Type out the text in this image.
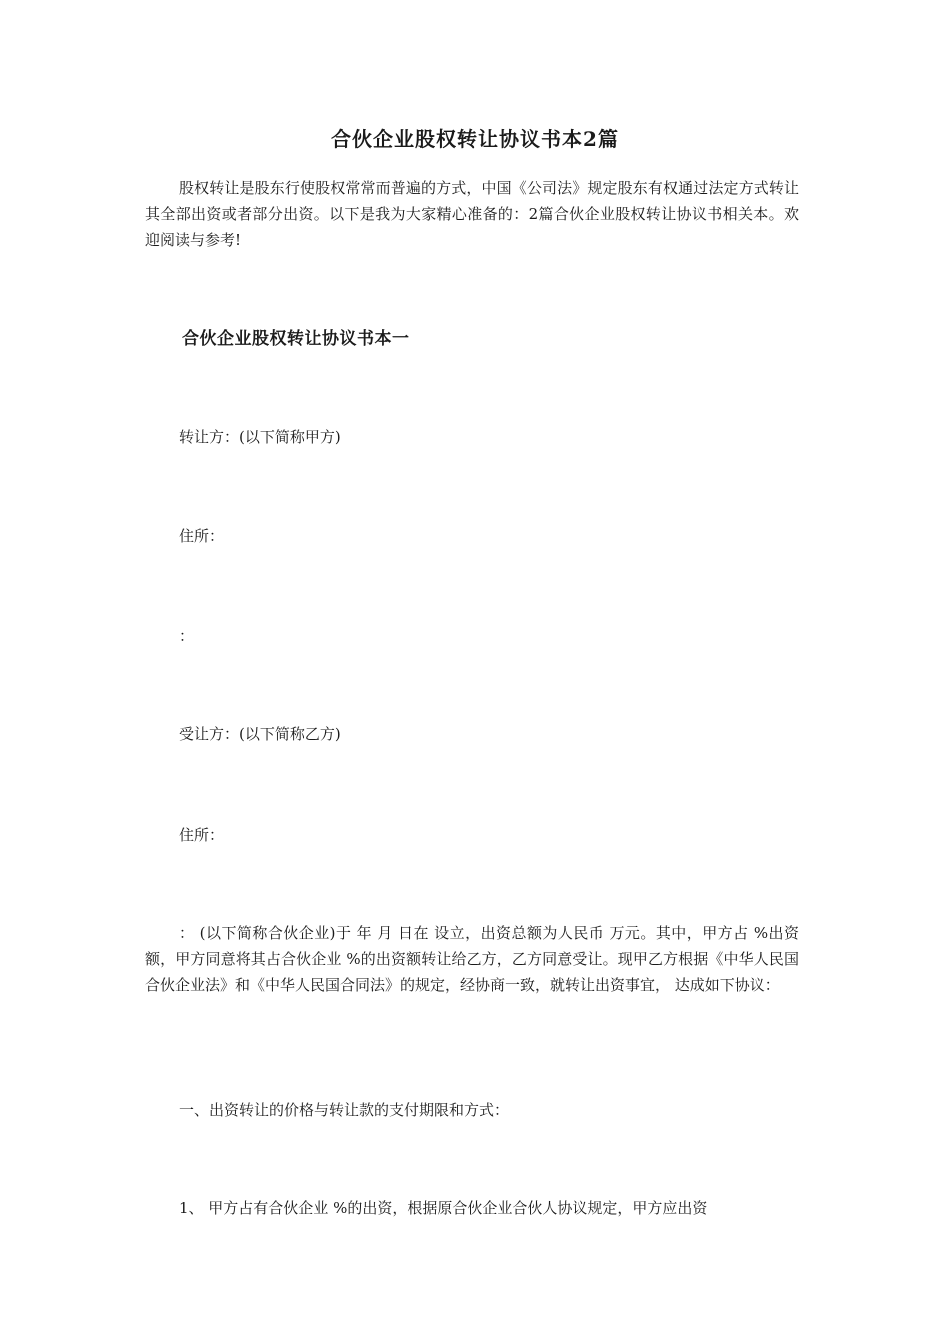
合伙企业股权转让协议书本2篇
股权转让是股东行使股权常常而普遍的方式，中国《公司法》规定股东有权通过法定方式转让其全部出资或者部分出资。以下是我为大家精心准备的：2篇合伙企业股权转让协议书相关本。欢迎阅读与参考!
合伙企业股权转让协议书本一
转让方：(以下简称甲方)
住所：
：
受让方：(以下简称乙方)
住所：
： (以下简称合伙企业)于 年 月 日在 设立，出资总额为人民币 万元。其中，甲方占 %出资额，甲方同意将其占合伙企业 %的出资额转让给乙方，乙方同意受让。现甲乙方根据《中华人民国合伙企业法》和《中华人民国合同法》的规定，经协商一致，就转让出资事宜， 达成如下协议：
一、出资转让的价格与转让款的支付期限和方式：
1、 甲方占有合伙企业 %的出资，根据原合伙企业合伙人协议规定，甲方应出资
